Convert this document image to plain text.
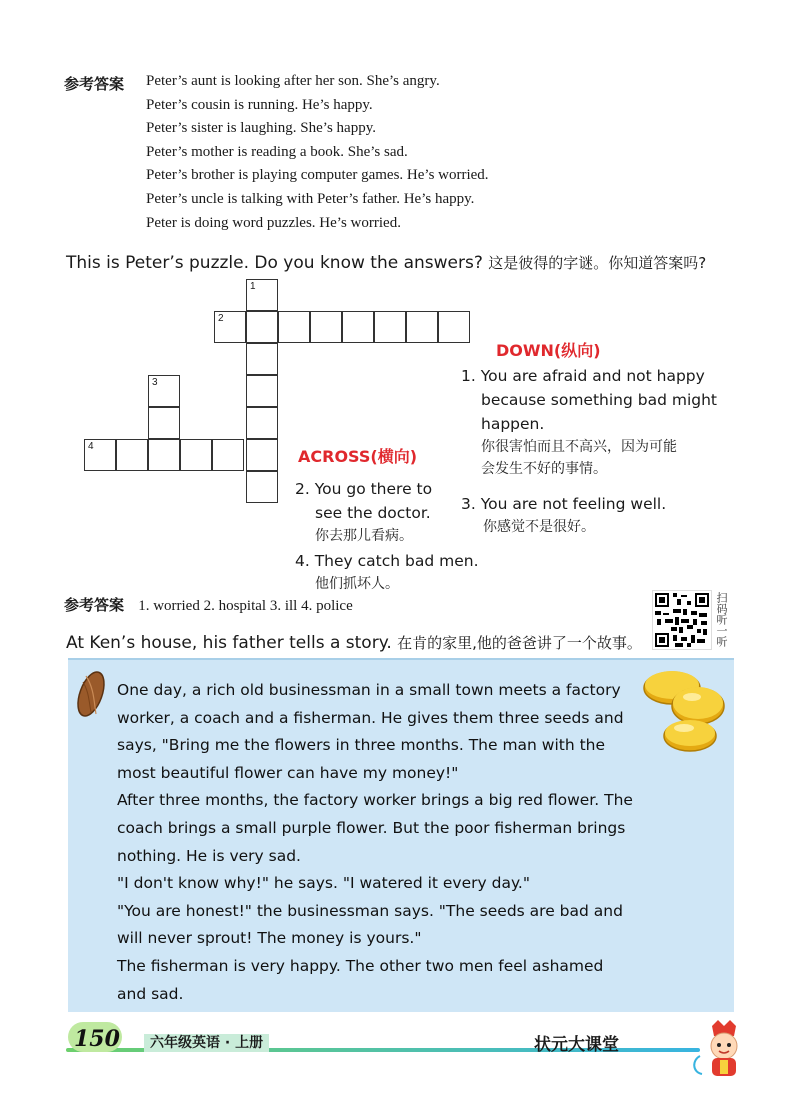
参考答案 Peter’s aunt is looking after her son. She’s angry.
Peter’s cousin is running. He’s happy.
Peter’s sister is laughing. She’s happy.
Peter’s mother is reading a book. She’s sad.
Peter’s brother is playing computer games. He’s worried.
Peter’s uncle is talking with Peter’s father. He’s happy.
Peter is doing word puzzles. He’s worried.
This is Peter’s puzzle. Do you know the answers? 这是彼得的字谜。你知道答案吗?
1
2
3
4
DOWN(纵向)
1. You are afraid and not happy
because something bad might
happen.
你很害怕而且不高兴，因为可能
会发生不好的事情。
3. You are not feeling well.
你感觉不是很好。
ACROSS(横向)
2. You go there to
see the doctor.
你去那儿看病。
4. They catch bad men.
他们抓坏人。
参考答案 1. worried 2. hospital 3. ill 4. police	扫码听一听
At Ken’s house, his father tells a story. 在肯的家里,他的爸爸讲了一个故事。

One day, a rich old businessman in a small town meets a factory worker, a coach and a fisherman. He gives them three seeds and says, "Bring me the flowers in three months. The man with the most beautiful flower can have my money!"

After three months, the factory worker brings a big red flower. The coach brings a small purple flower. But the poor fisherman brings nothing. He is very sad.

"I don't know why!" he says. "I watered it every day."

"You are honest!" the businessman says. "The seeds are bad and will never sprout! The money is yours."

The fisherman is very happy. The other two men feel ashamed and sad.

150	六年级英语 · 上册	状元大课堂
